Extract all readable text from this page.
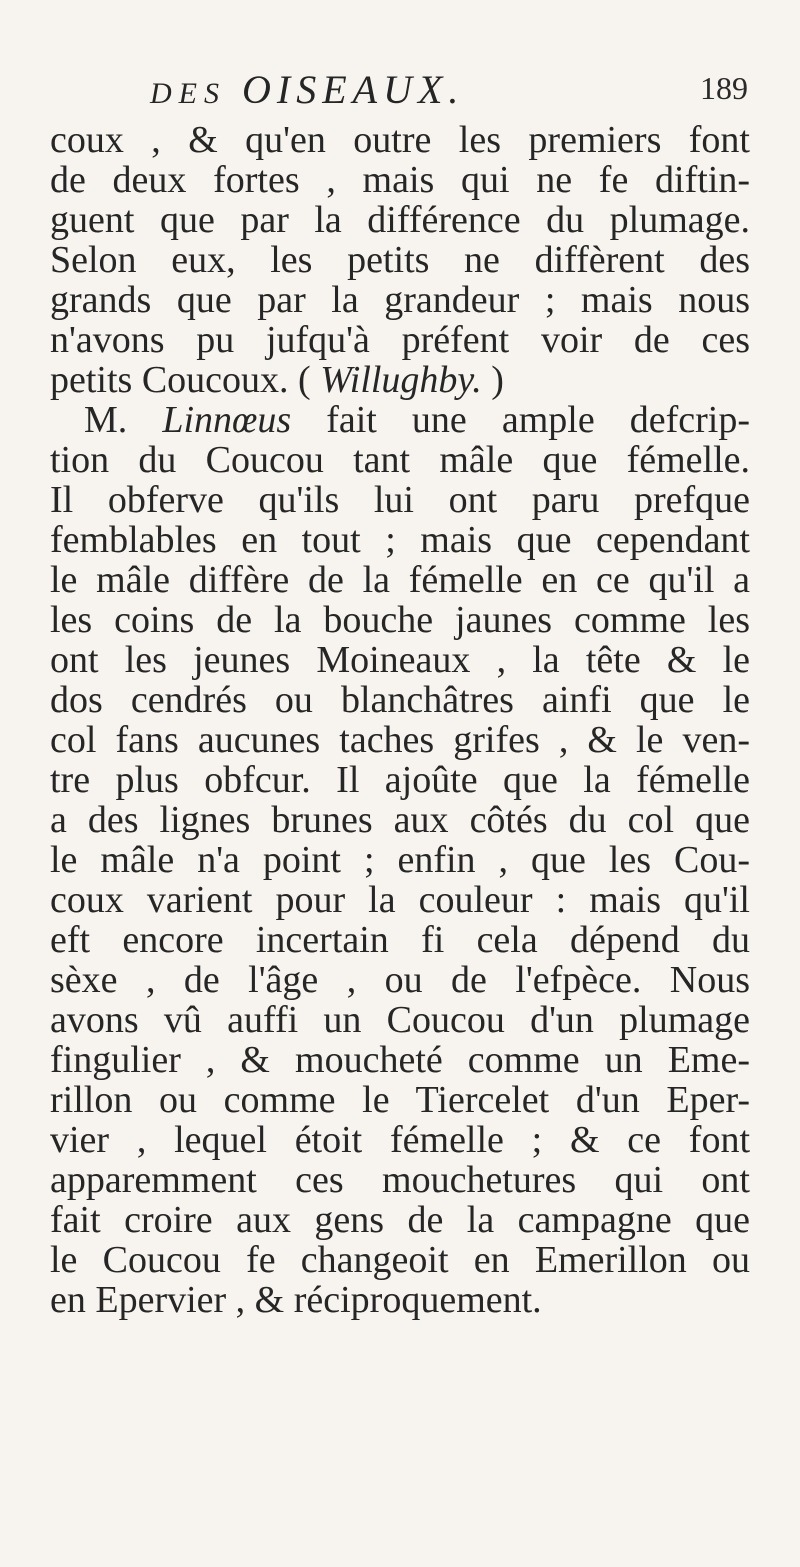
DES OISEAUX.	189
coux , & qu'en outre les premiers font
de deux fortes , mais qui ne fe diftin-
guent que par la différence du plumage.
Selon eux, les petits ne diffèrent des
grands que par la grandeur ; mais nous
n'avons pu jufqu'à préfent voir de ces
petits Coucoux. ( Willughby. )
M. Linnœus fait une ample defcrip-
tion du Coucou tant mâle que fémelle.
Il obferve qu'ils lui ont paru prefque
femblables en tout ; mais que cependant
le mâle diffère de la fémelle en ce qu'il a
les coins de la bouche jaunes comme les
ont les jeunes Moineaux , la tête & le
dos cendrés ou blanchâtres ainfi que le
col fans aucunes taches grifes , & le ven-
tre plus obfcur. Il ajoûte que la fémelle
a des lignes brunes aux côtés du col que
le mâle n'a point ; enfin , que les Cou-
coux varient pour la couleur : mais qu'il
eft encore incertain fi cela dépend du
sèxe , de l'âge , ou de l'efpèce. Nous
avons vû auffi un Coucou d'un plumage
fingulier , & moucheté comme un Eme-
rillon ou comme le Tiercelet d'un Eper-
vier , lequel étoit fémelle ; & ce font
apparemment ces mouchetures qui ont
fait croire aux gens de la campagne que
le Coucou fe changeoit en Emerillon ou
en Epervier , & réciproquement.
